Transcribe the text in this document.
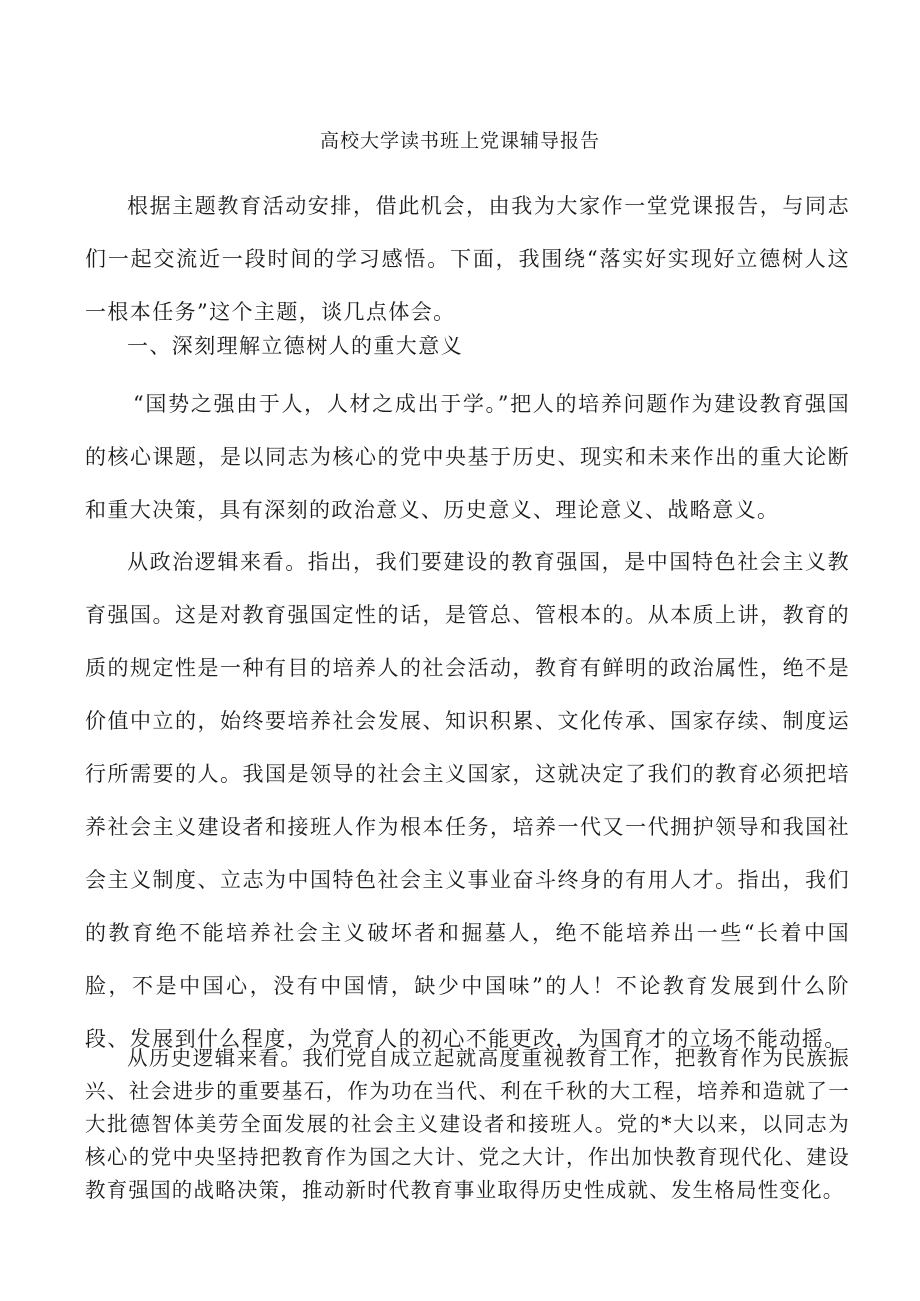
高校大学读书班上党课辅导报告

根据主题教育活动安排，借此机会，由我为大家作一堂党课报告，与同志们一起交流近一段时间的学习感悟。下面，我围绕“落实好实现好立德树人这一根本任务”这个主题，谈几点体会。

一、深刻理解立德树人的重大意义

“国势之强由于人，人材之成出于学。”把人的培养问题作为建设教育强国的核心课题，是以同志为核心的党中央基于历史、现实和未来作出的重大论断和重大决策，具有深刻的政治意义、历史意义、理论意义、战略意义。

从政治逻辑来看。指出，我们要建设的教育强国，是中国特色社会主义教育强国。这是对教育强国定性的话，是管总、管根本的。从本质上讲，教育的质的规定性是一种有目的培养人的社会活动，教育有鲜明的政治属性，绝不是价值中立的，始终要培养社会发展、知识积累、文化传承、国家存续、制度运行所需要的人。我国是领导的社会主义国家，这就决定了我们的教育必须把培养社会主义建设者和接班人作为根本任务，培养一代又一代拥护领导和我国社会主义制度、立志为中国特色社会主义事业奋斗终身的有用人才。指出，我们的教育绝不能培养社会主义破坏者和掘墓人，绝不能培养出一些“长着中国脸，不是中国心，没有中国情，缺少中国味”的人！不论教育发展到什么阶段、发展到什么程度，为党育人的初心不能更改，为国育才的立场不能动摇。

从历史逻辑来看。我们党自成立起就高度重视教育工作，把教育作为民族振兴、社会进步的重要基石，作为功在当代、利在千秋的大工程，培养和造就了一大批德智体美劳全面发展的社会主义建设者和接班人。党的*大以来，以同志为核心的党中央坚持把教育作为国之大计、党之大计，作出加快教育现代化、建设教育强国的战略决策，推动新时代教育事业取得历史性成就、发生格局性变化。
